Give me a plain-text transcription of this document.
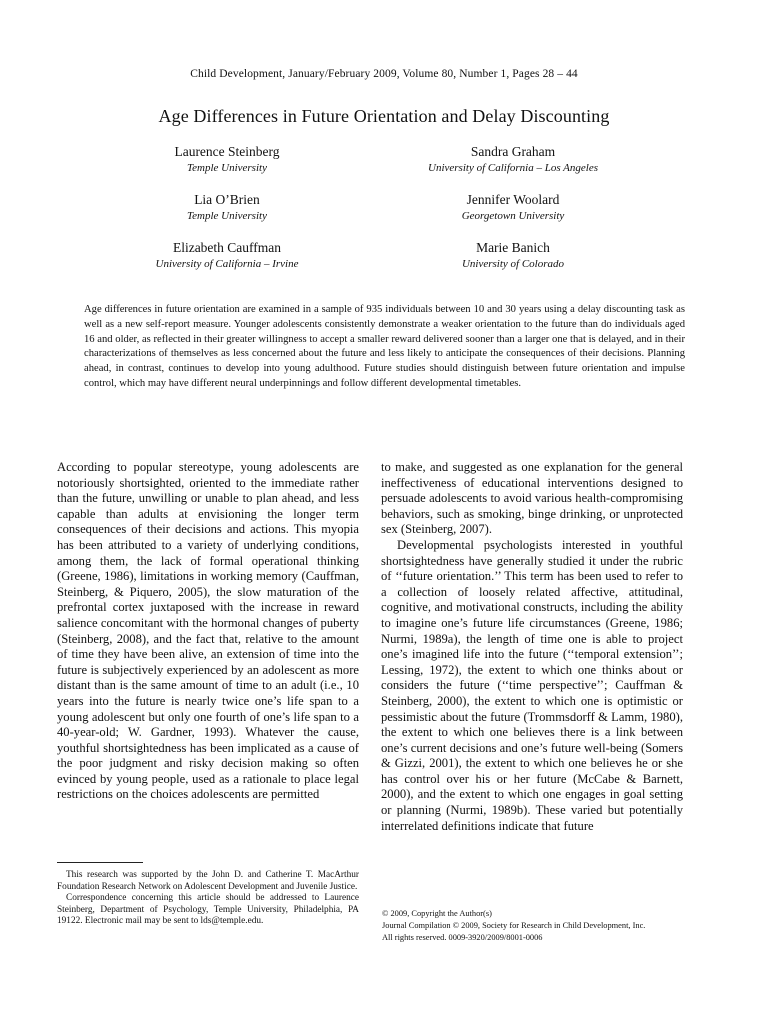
Child Development, January/February 2009, Volume 80, Number 1, Pages 28 – 44
Age Differences in Future Orientation and Delay Discounting
Laurence Steinberg
Temple University
Sandra Graham
University of California – Los Angeles
Lia O’Brien
Temple University
Jennifer Woolard
Georgetown University
Elizabeth Cauffman
University of California – Irvine
Marie Banich
University of Colorado
Age differences in future orientation are examined in a sample of 935 individuals between 10 and 30 years using a delay discounting task as well as a new self-report measure. Younger adolescents consistently demonstrate a weaker orientation to the future than do individuals aged 16 and older, as reflected in their greater willingness to accept a smaller reward delivered sooner than a larger one that is delayed, and in their characterizations of themselves as less concerned about the future and less likely to anticipate the consequences of their decisions. Planning ahead, in contrast, continues to develop into young adulthood. Future studies should distinguish between future orientation and impulse control, which may have different neural underpinnings and follow different developmental timetables.

According to popular stereotype, young adolescents are notoriously shortsighted, oriented to the immediate rather than the future, unwilling or unable to plan ahead, and less capable than adults at envisioning the longer term consequences of their decisions and actions. This myopia has been attributed to a variety of underlying conditions, among them, the lack of formal operational thinking (Greene, 1986), limitations in working memory (Cauffman, Steinberg, & Piquero, 2005), the slow maturation of the prefrontal cortex juxtaposed with the increase in reward salience concomitant with the hormonal changes of puberty (Steinberg, 2008), and the fact that, relative to the amount of time they have been alive, an extension of time into the future is subjectively experienced by an adolescent as more distant than is the same amount of time to an adult (i.e., 10 years into the future is nearly twice one’s life span to a young adolescent but only one fourth of one’s life span to a 40-year-old; W. Gardner, 1993). Whatever the cause, youthful shortsightedness has been implicated as a cause of the poor judgment and risky decision making so often evinced by young people, used as a rationale to place legal restrictions on the choices adolescents are permitted

to make, and suggested as one explanation for the general ineffectiveness of educational interventions designed to persuade adolescents to avoid various health-compromising behaviors, such as smoking, binge drinking, or unprotected sex (Steinberg, 2007).

Developmental psychologists interested in youthful shortsightedness have generally studied it under the rubric of ‘‘future orientation.’’ This term has been used to refer to a collection of loosely related affective, attitudinal, cognitive, and motivational constructs, including the ability to imagine one’s future life circumstances (Greene, 1986; Nurmi, 1989a), the length of time one is able to project one’s imagined life into the future (‘‘temporal extension’’; Lessing, 1972), the extent to which one thinks about or considers the future (‘‘time perspective’’; Cauffman & Steinberg, 2000), the extent to which one is optimistic or pessimistic about the future (Trommsdorff & Lamm, 1980), the extent to which one believes there is a link between one’s current decisions and one’s future well-being (Somers & Gizzi, 2001), the extent to which one believes he or she has control over his or her future (McCabe & Barnett, 2000), and the extent to which one engages in goal setting or planning (Nurmi, 1989b). These varied but potentially interrelated definitions indicate that future

This research was supported by the John D. and Catherine T. MacArthur Foundation Research Network on Adolescent Development and Juvenile Justice.

Correspondence concerning this article should be addressed to Laurence Steinberg, Department of Psychology, Temple University, Philadelphia, PA 19122. Electronic mail may be sent to lds@temple.edu.

© 2009, Copyright the Author(s)
Journal Compilation © 2009, Society for Research in Child Development, Inc.
All rights reserved. 0009-3920/2009/8001-0006
